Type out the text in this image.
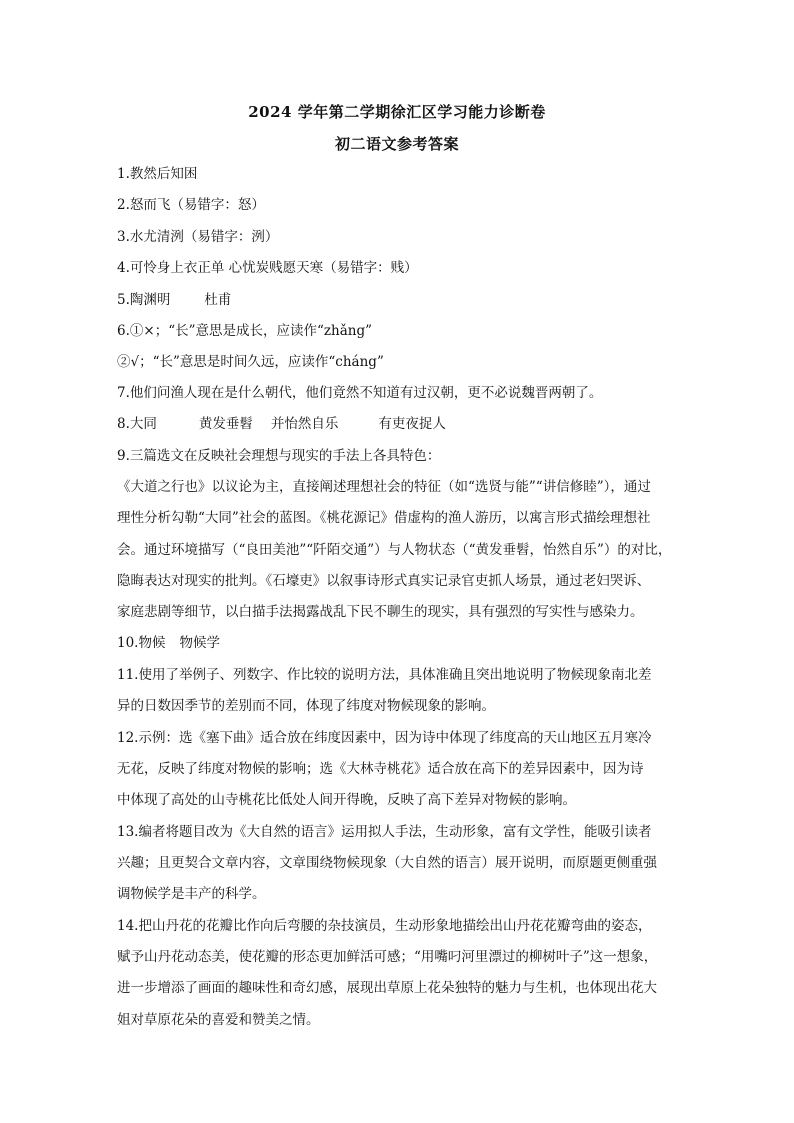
2024 学年第二学期徐汇区学习能力诊断卷
初二语文参考答案
1.教然后知困
2.怒而飞（易错字：怒）
3.水尤清洌（易错字：洌）
4.可怜身上衣正单 心忧炭贱愿天寒（易错字：贱）
5.陶渊明	杜甫
6.①×；“长”意思是成长，应读作“zhǎng”
②√；“长”意思是时间久远，应读作“cháng”
7.他们问渔人现在是什么朝代，他们竟然不知道有过汉朝，更不必说魏晋两朝了。
8.大同	黄发垂髫 并怡然自乐	有吏夜捉人
9.三篇选文在反映社会理想与现实的手法上各具特色：
《大道之行也》以议论为主，直接阐述理想社会的特征（如“选贤与能”“讲信修睦”），通过
理性分析勾勒“大同”社会的蓝图。《桃花源记》借虚构的渔人游历，以寓言形式描绘理想社
会。通过环境描写（“良田美池”“阡陌交通”）与人物状态（“黄发垂髫，怡然自乐”）的对比，
隐晦表达对现实的批判。《石壕吏》以叙事诗形式真实记录官吏抓人场景，通过老妇哭诉、
家庭悲剧等细节，以白描手法揭露战乱下民不聊生的现实，具有强烈的写实性与感染力。
10.物候 物候学
11.使用了举例子、列数字、作比较的说明方法，具体准确且突出地说明了物候现象南北差
异的日数因季节的差别而不同，体现了纬度对物候现象的影响。
12.示例：选《塞下曲》适合放在纬度因素中，因为诗中体现了纬度高的天山地区五月寒冷
无花，反映了纬度对物候的影响；选《大林寺桃花》适合放在高下的差异因素中，因为诗
中体现了高处的山寺桃花比低处人间开得晚，反映了高下差异对物候的影响。
13.编者将题目改为《大自然的语言》运用拟人手法，生动形象，富有文学性，能吸引读者
兴趣；且更契合文章内容，文章围绕物候现象（大自然的语言）展开说明，而原题更侧重强
调物候学是丰产的科学。
14.把山丹花的花瓣比作向后弯腰的杂技演员，生动形象地描绘出山丹花花瓣弯曲的姿态，
赋予山丹花动态美，使花瓣的形态更加鲜活可感；“用嘴叼河里漂过的柳树叶子”这一想象，
进一步增添了画面的趣味性和奇幻感，展现出草原上花朵独特的魅力与生机，也体现出花大
姐对草原花朵的喜爱和赞美之情。
